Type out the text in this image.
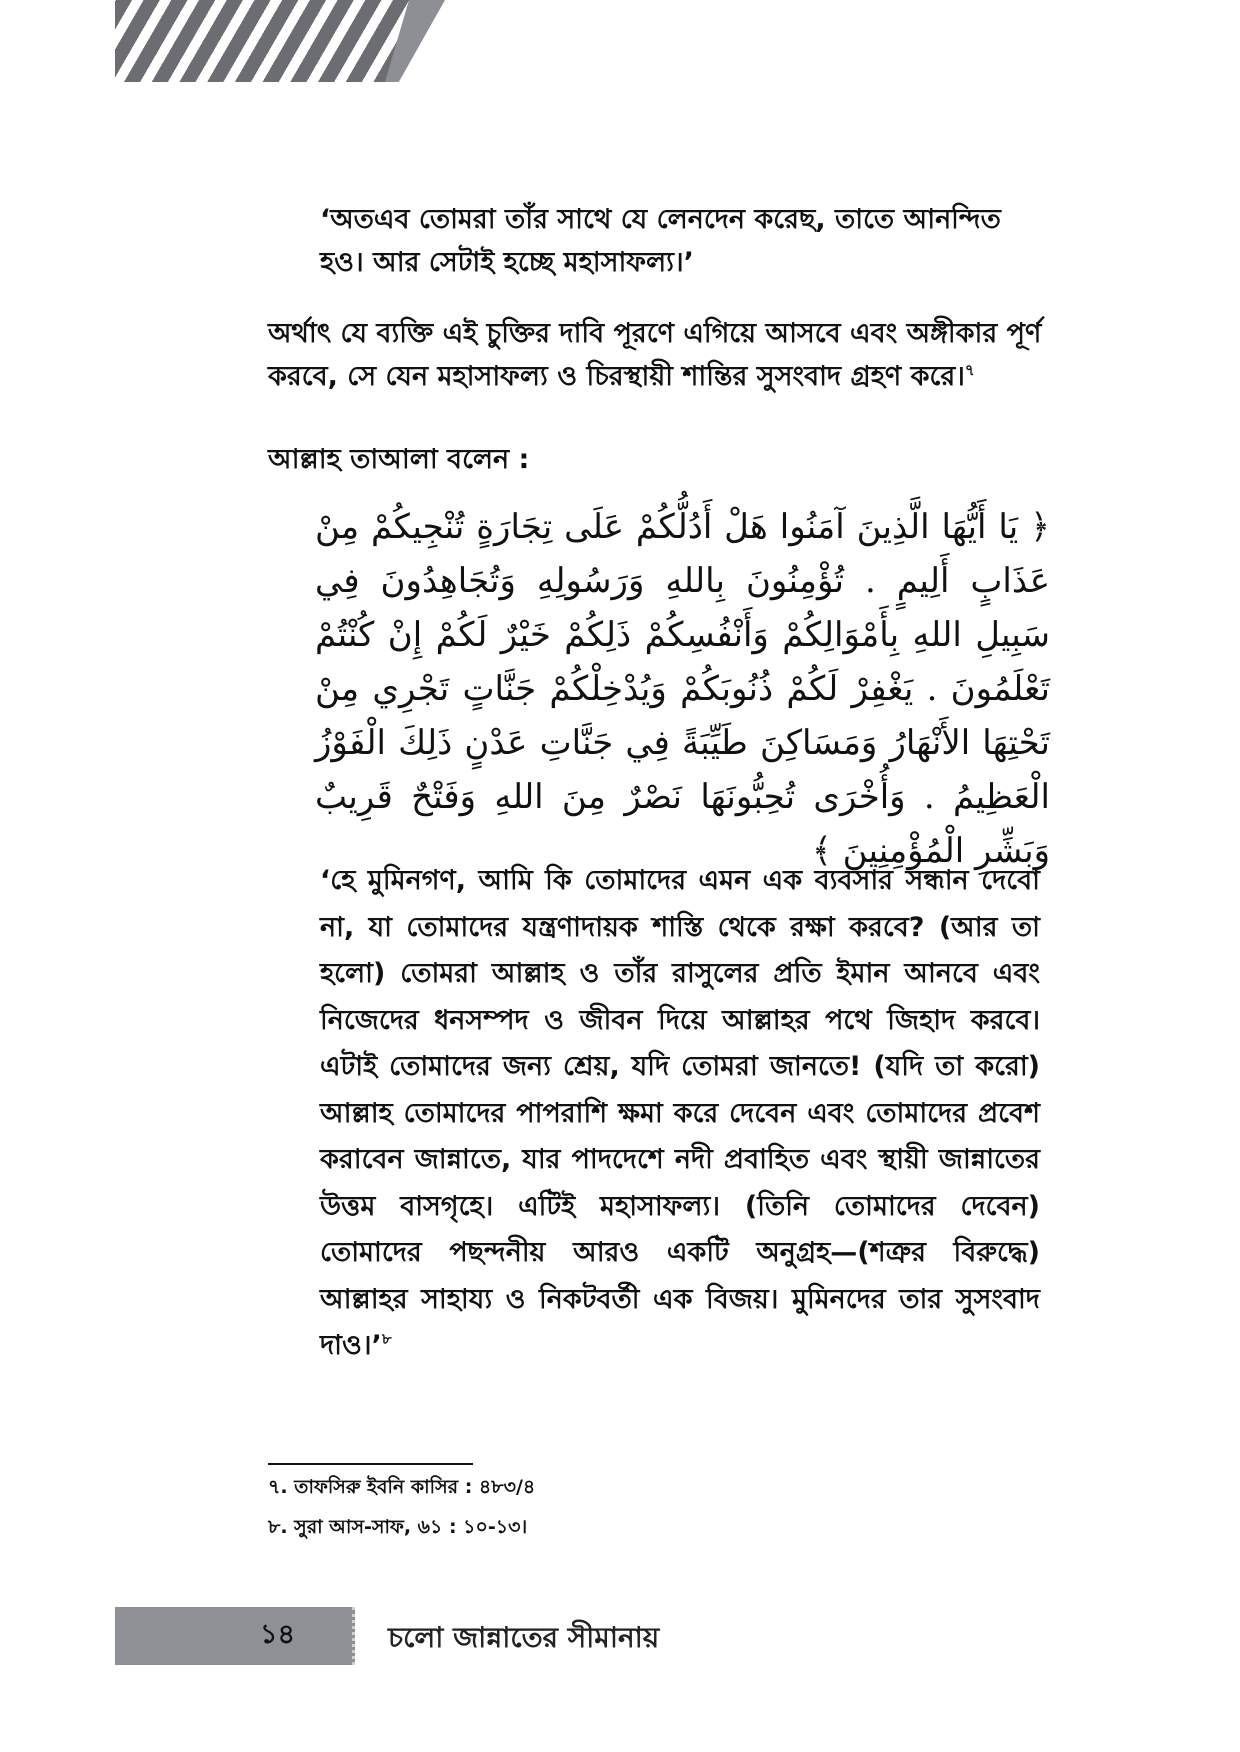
‘অতএব তোমরা তাঁর সাথে যে লেনদেন করেছ, তাতে আনন্দিত হও। আর সেটাই হচ্ছে মহাসাফল্য।’
অর্থাৎ যে ব্যক্তি এই চুক্তির দাবি পূরণে এগিয়ে আসবে এবং অঙ্গীকার পূর্ণ করবে, সে যেন মহাসাফল্য ও চিরস্থায়ী শান্তির সুসংবাদ গ্রহণ করে।$^৭$
আল্লাহ তাআলা বলেন :
﴿ يَا أَيُّهَا الَّذِينَ آمَنُوا هَلْ أَدُلُّكُمْ عَلَى تِجَارَةٍ تُنْجِيكُمْ مِنْ عَذَابٍ أَلِيمٍ . تُؤْمِنُونَ بِاللهِ وَرَسُولِهِ وَتُجَاهِدُونَ فِي سَبِيلِ اللهِ بِأَمْوَالِكُمْ وَأَنْفُسِكُمْ ذَلِكُمْ خَيْرٌ لَكُمْ إِنْ كُنْتُمْ تَعْلَمُونَ . يَغْفِرْ لَكُمْ ذُنُوبَكُمْ وَيُدْخِلْكُمْ جَنَّاتٍ تَجْرِي مِنْ تَحْتِهَا الأَنْهَارُ وَمَسَاكِنَ طَيِّبَةً فِي جَنَّاتِ عَدْنٍ ذَلِكَ الْفَوْزُ الْعَظِيمُ . وَأُخْرَى تُحِبُّونَهَا نَصْرٌ مِنَ اللهِ وَفَتْحٌ قَرِيبٌ وَبَشِّرِ الْمُؤْمِنِينَ ﴾
‘হে মুমিনগণ, আমি কি তোমাদের এমন এক ব্যবসার সন্ধান দেবো না, যা তোমাদের যন্ত্রণাদায়ক শাস্তি থেকে রক্ষা করবে? (আর তা হলো) তোমরা আল্লাহ ও তাঁর রাসুলের প্রতি ইমান আনবে এবং নিজেদের ধনসম্পদ ও জীবন দিয়ে আল্লাহর পথে জিহাদ করবে। এটাই তোমাদের জন্য শ্রেয়, যদি তোমরা জানতে! (যদি তা করো) আল্লাহ তোমাদের পাপরাশি ক্ষমা করে দেবেন এবং তোমাদের প্রবেশ করাবেন জান্নাতে, যার পাদদেশে নদী প্রবাহিত এবং স্থায়ী জান্নাতের উত্তম বাসগৃহে। এটিই মহাসাফল্য। (তিনি তোমাদের দেবেন) তোমাদের পছন্দনীয় আরও একটি অনুগ্রহ—(শত্রুর বিরুদ্ধে) আল্লাহর সাহায্য ও নিকটবর্তী এক বিজয়। মুমিনদের তার সুসংবাদ দাও।’$^৮$
৭. তাফসিরু ইবনি কাসির : ৪৮৩/৪
৮. সুরা আস-সাফ, ৬১ : ১০-১৩।
১৪	চলো জান্নাতের সীমানায়
